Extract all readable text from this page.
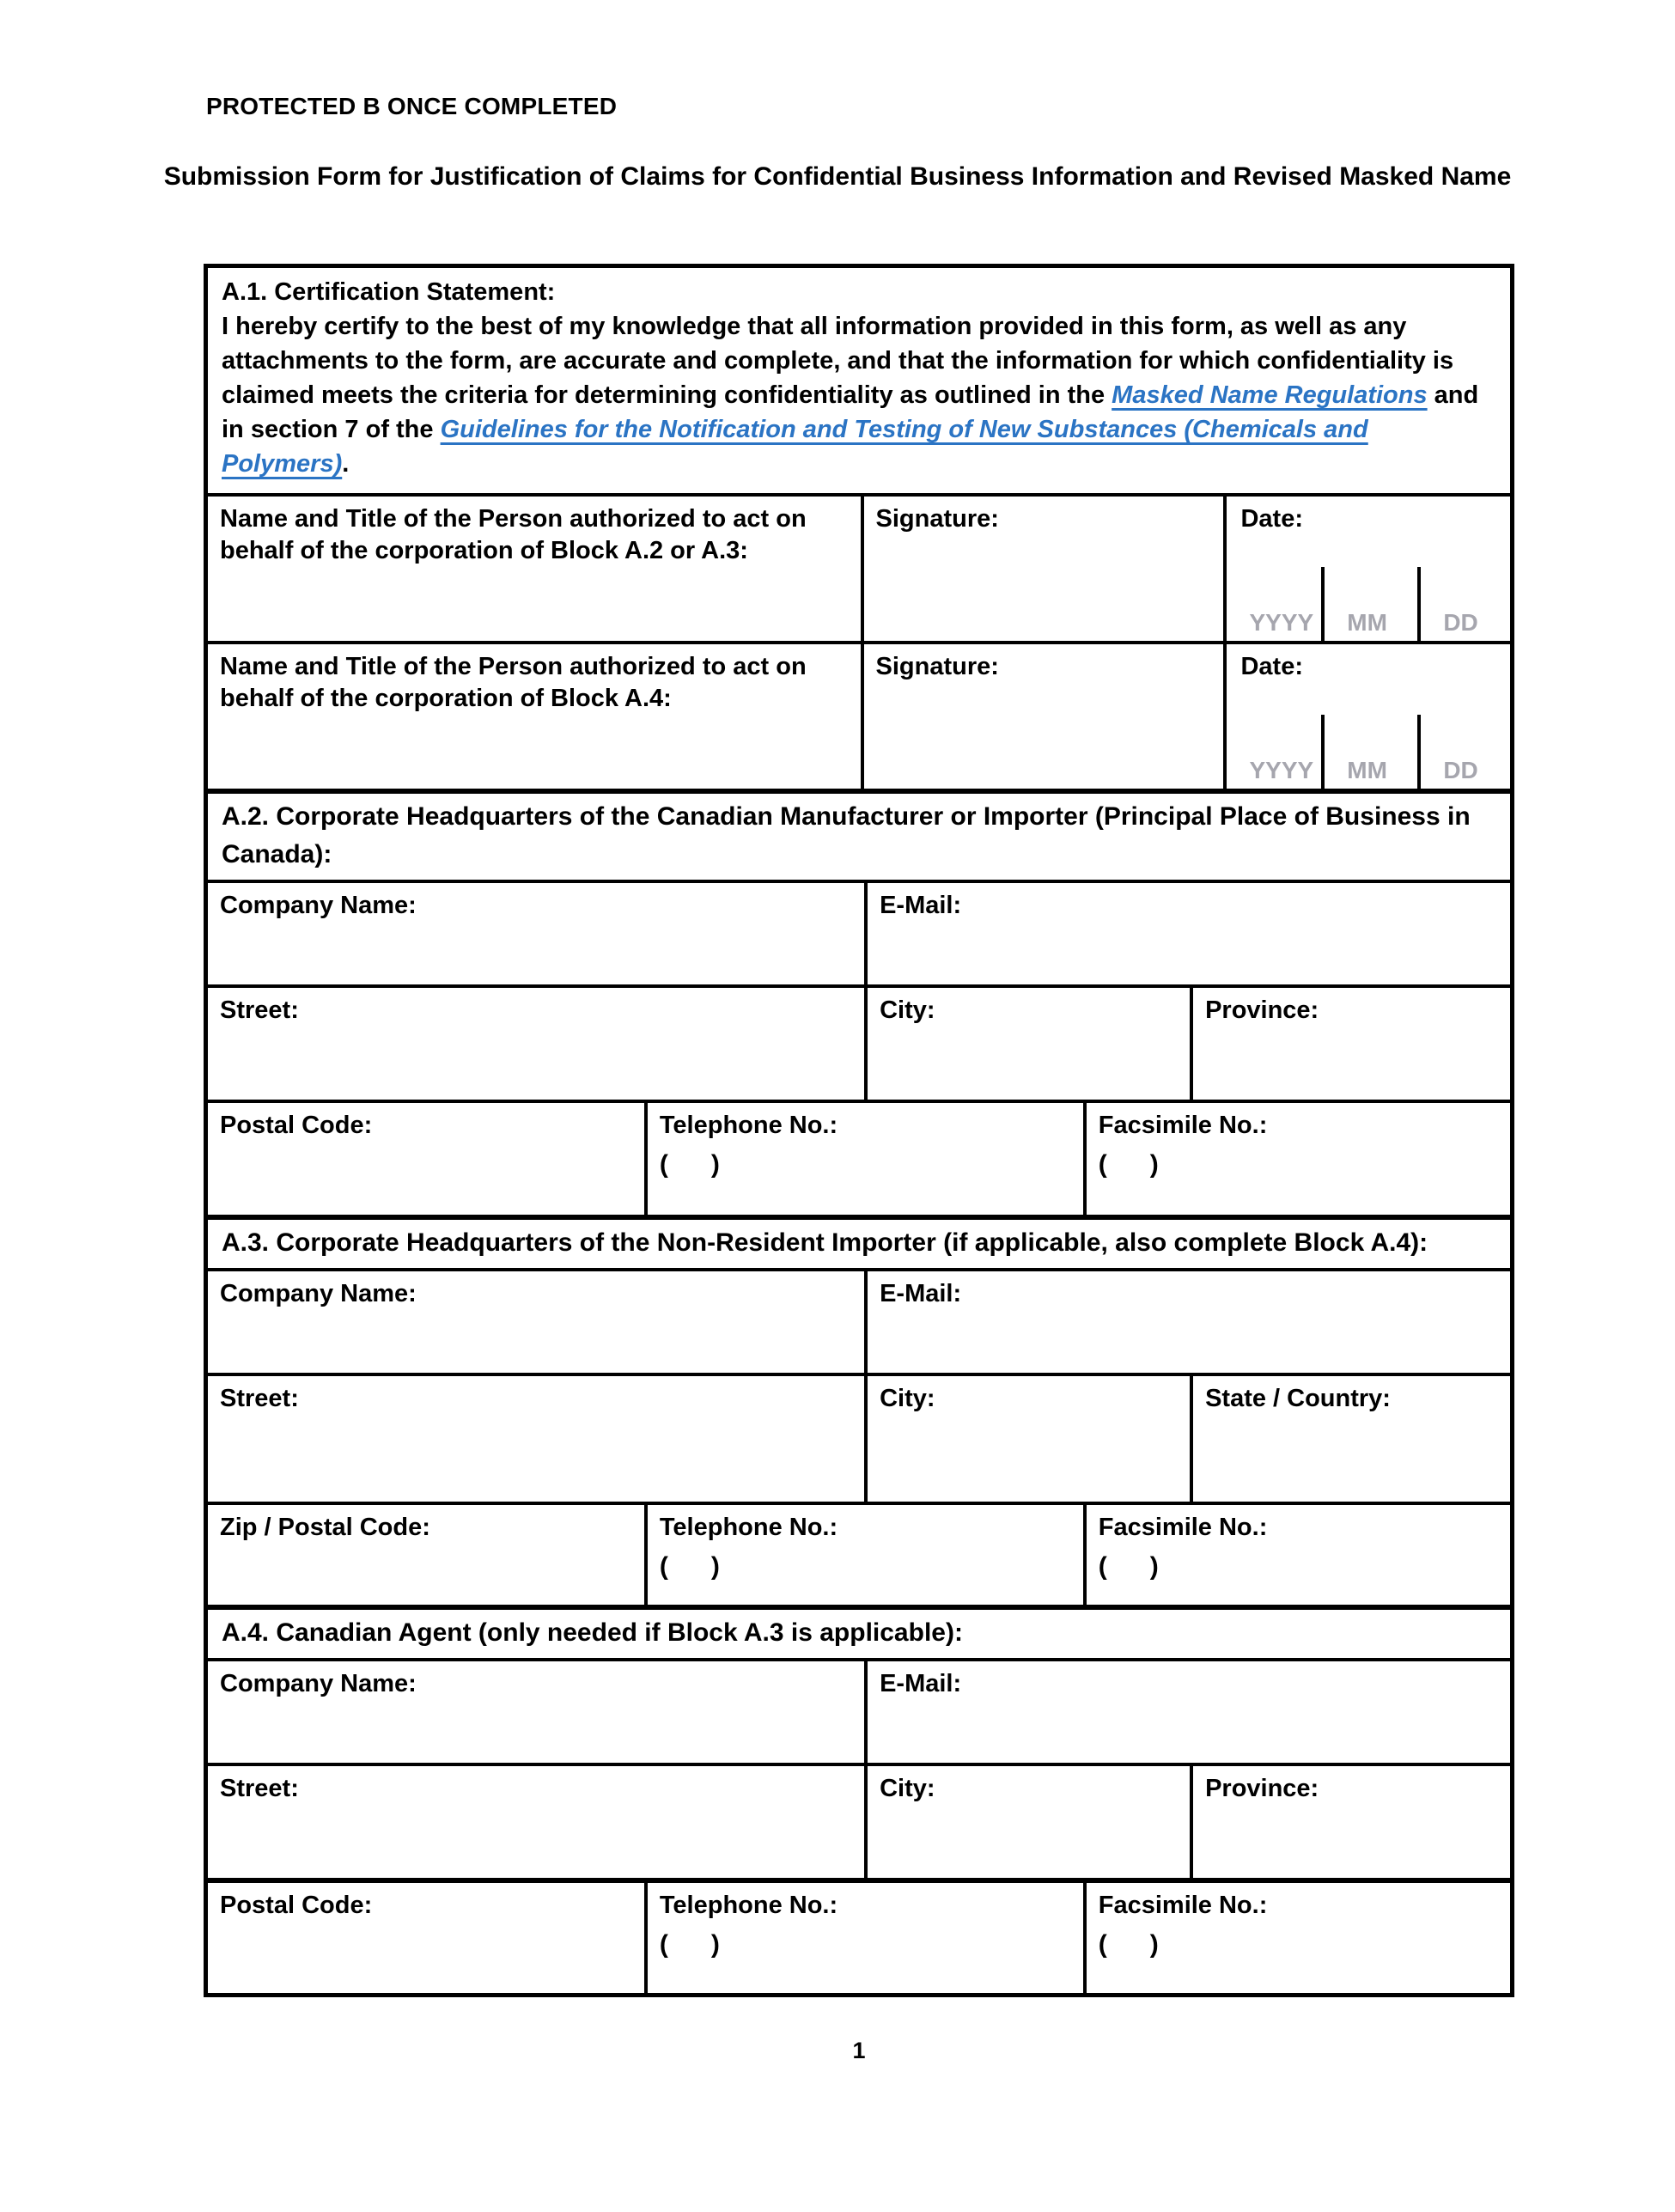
PROTECTED B ONCE COMPLETED
Submission Form for Justification of Claims for Confidential Business Information and Revised Masked Name
A.1. Certification Statement:
I hereby certify to the best of my knowledge that all information provided in this form, as well as any attachments to the form, are accurate and complete, and that the information for which confidentiality is claimed meets the criteria for determining confidentiality as outlined in the Masked Name Regulations and in section 7 of the Guidelines for the Notification and Testing of New Substances (Chemicals and Polymers).
Name and Title of the Person authorized to act on behalf of the corporation of Block A.2 or A.3:
Signature:	Date:
YYYY MM DD
Name and Title of the Person authorized to act on behalf of the corporation of Block A.4:
Signature:	Date:
YYYY MM DD
A.2. Corporate Headquarters of the Canadian Manufacturer or Importer (Principal Place of Business in Canada):
Company Name:	E-Mail:
Street:	City:	Province:
Postal Code:	Telephone No.:
(      )
Facsimile No.:
(      )
A.3. Corporate Headquarters of the Non-Resident Importer (if applicable, also complete Block A.4):
Company Name:	E-Mail:
Street:	City:	State / Country:
Zip / Postal Code:	Telephone No.:
(      )
Facsimile No.:
(      )
A.4. Canadian Agent (only needed if Block A.3 is applicable):
Company Name:	E-Mail:
Street:	City:	Province:
Postal Code:	Telephone No.:
(      )
Facsimile No.:
(      )
1
